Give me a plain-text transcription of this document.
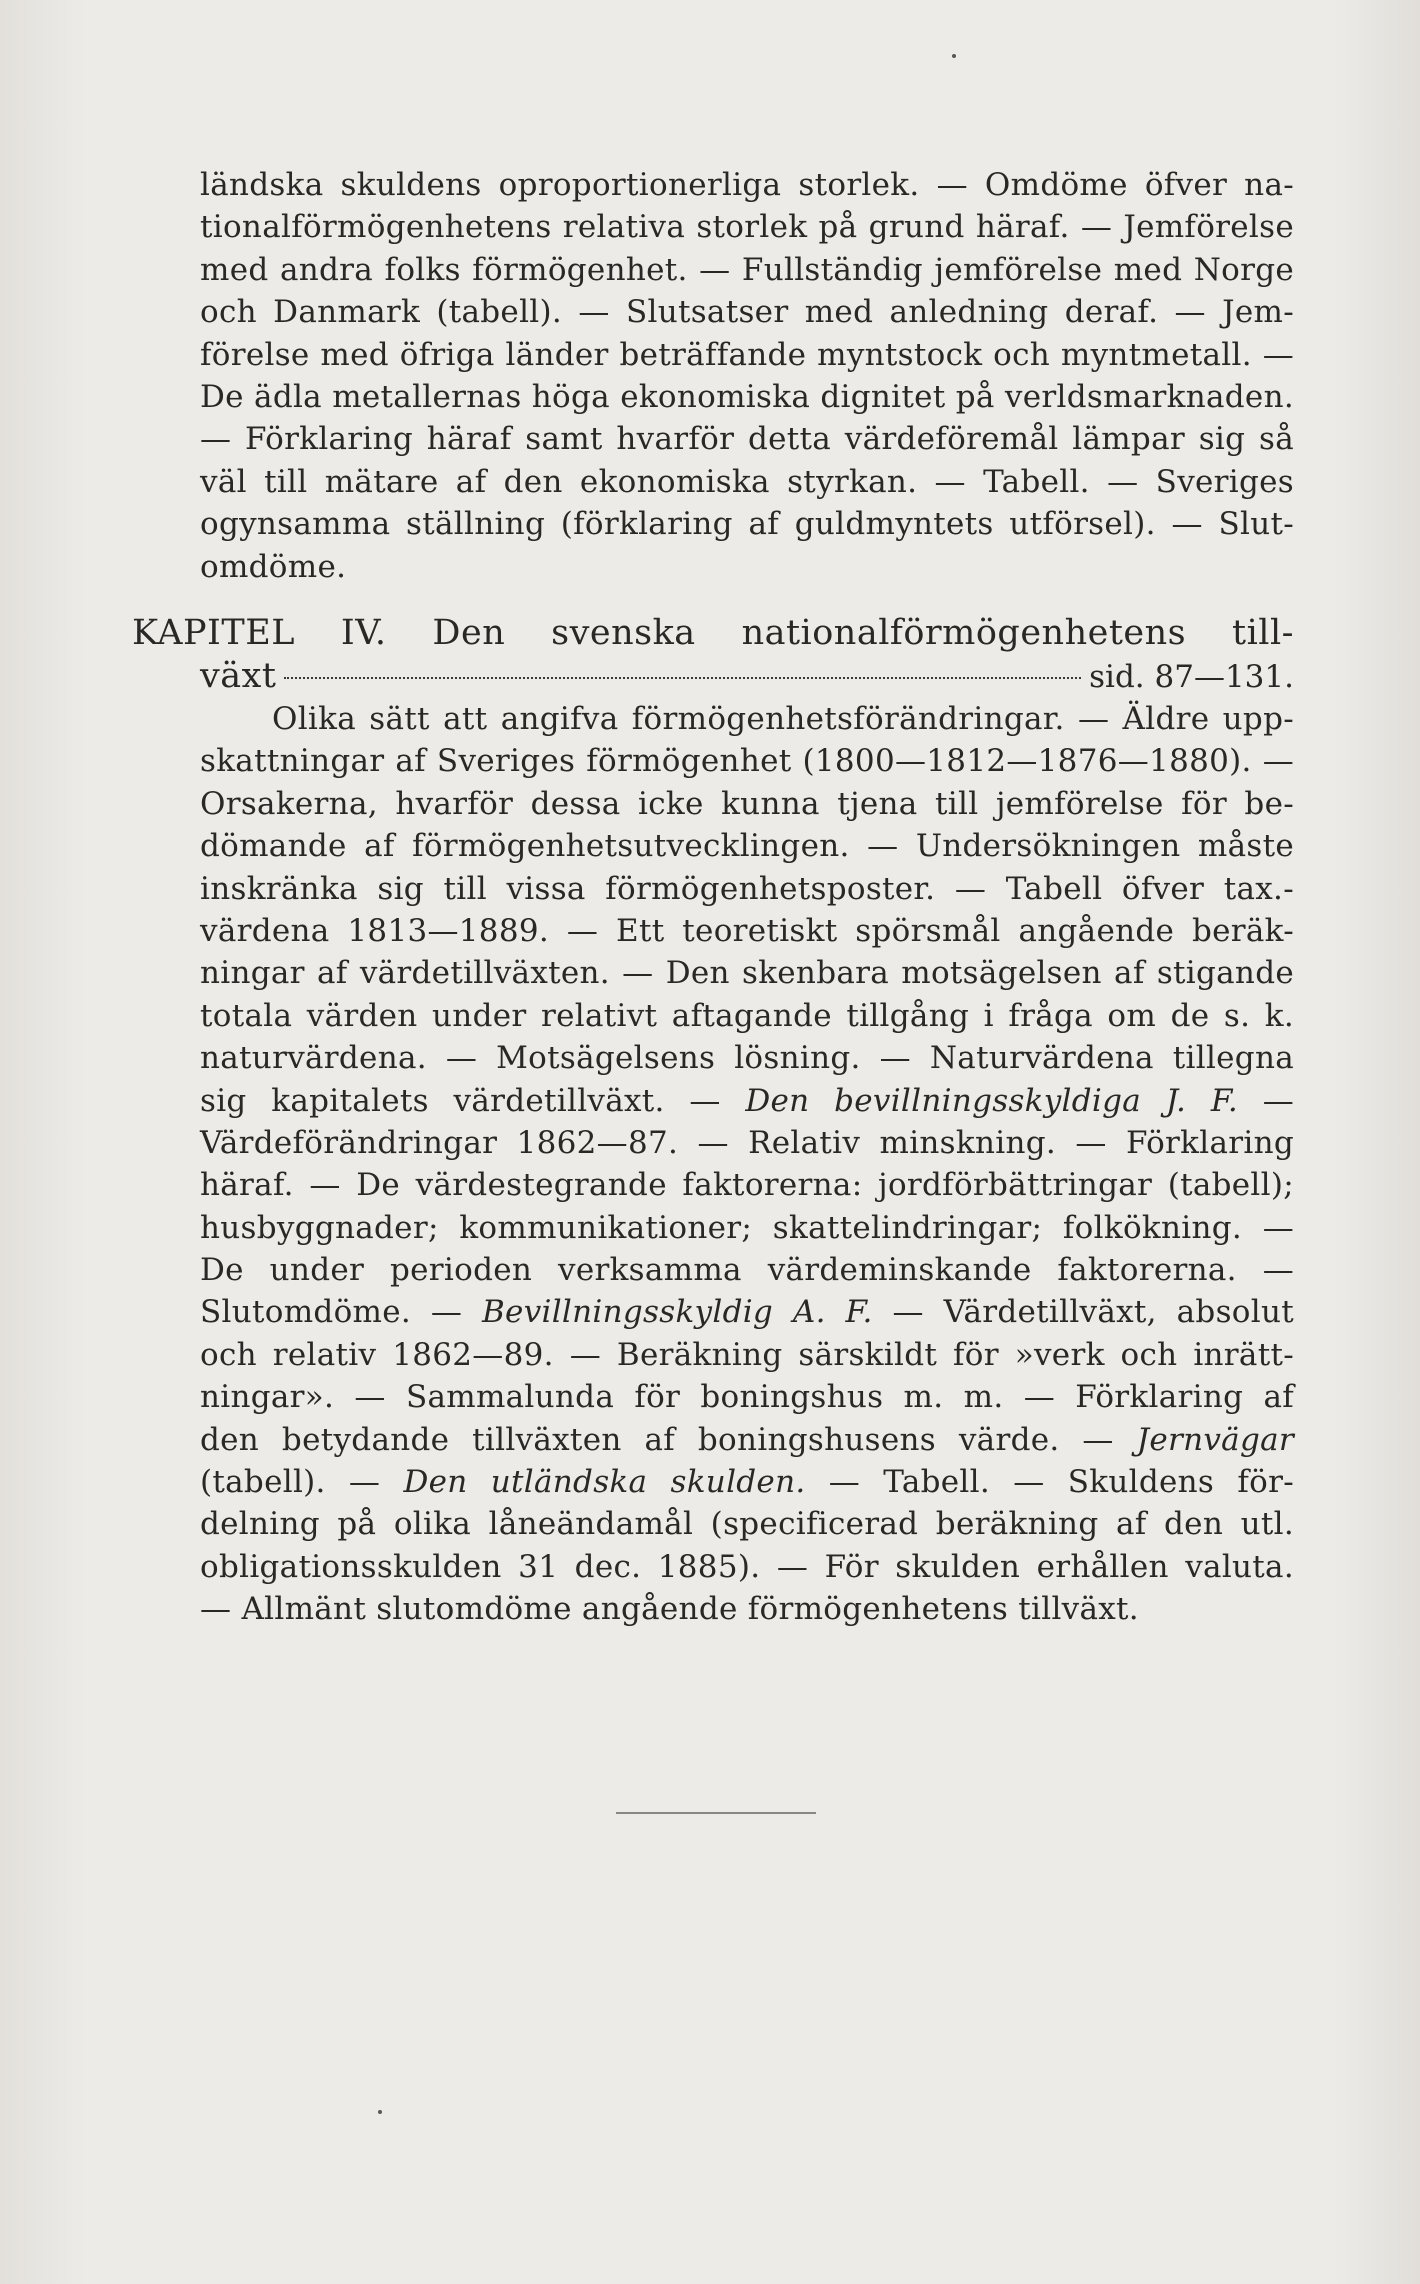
ländska skuldens oproportionerliga storlek. — Omdöme öfver na-
tionalförmögenhetens relativa storlek på grund häraf. — Jemförelse
med andra folks förmögenhet. — Fullständig jemförelse med Norge
och Danmark (tabell). — Slutsatser med anledning deraf. — Jem-
förelse med öfriga länder beträffande myntstock och myntmetall. —
De ädla metallernas höga ekonomiska dignitet på verldsmarknaden.
— Förklaring häraf samt hvarför detta värdeföremål lämpar sig så
väl till mätare af den ekonomiska styrkan. — Tabell. — Sveriges
ogynsamma ställning (förklaring af guldmyntets utförsel). — Slut-
omdöme.
KAPITEL IV. Den svenska nationalförmögenhetens till-
växt	sid. 87—131.
Olika sätt att angifva förmögenhetsförändringar. — Äldre upp-
skattningar af Sveriges förmögenhet (1800—1812—1876—1880). —
Orsakerna, hvarför dessa icke kunna tjena till jemförelse för be-
dömande af förmögenhetsutvecklingen. — Undersökningen måste
inskränka sig till vissa förmögenhetsposter. — Tabell öfver tax.-
värdena 1813—1889. — Ett teoretiskt spörsmål angående beräk-
ningar af värdetillväxten. — Den skenbara motsägelsen af stigande
totala värden under relativt aftagande tillgång i fråga om de s. k.
naturvärdena. — Motsägelsens lösning. — Naturvärdena tillegna
sig kapitalets värdetillväxt. — Den bevillningsskyldiga J. F. —
Värdeförändringar 1862—87. — Relativ minskning. — Förklaring
häraf. — De värdestegrande faktorerna: jordförbättringar (tabell);
husbyggnader; kommunikationer; skattelindringar; folkökning. —
De under perioden verksamma värdeminskande faktorerna. —
Slutomdöme. — Bevillningsskyldig A. F. — Värdetillväxt, absolut
och relativ 1862—89. — Beräkning särskildt för »verk och inrätt-
ningar». — Sammalunda för boningshus m. m. — Förklaring af
den betydande tillväxten af boningshusens värde. — Jernvägar
(tabell). — Den utländska skulden. — Tabell. — Skuldens för-
delning på olika låneändamål (specificerad beräkning af den utl.
obligationsskulden 31 dec. 1885). — För skulden erhållen valuta.
— Allmänt slutomdöme angående förmögenhetens tillväxt.
